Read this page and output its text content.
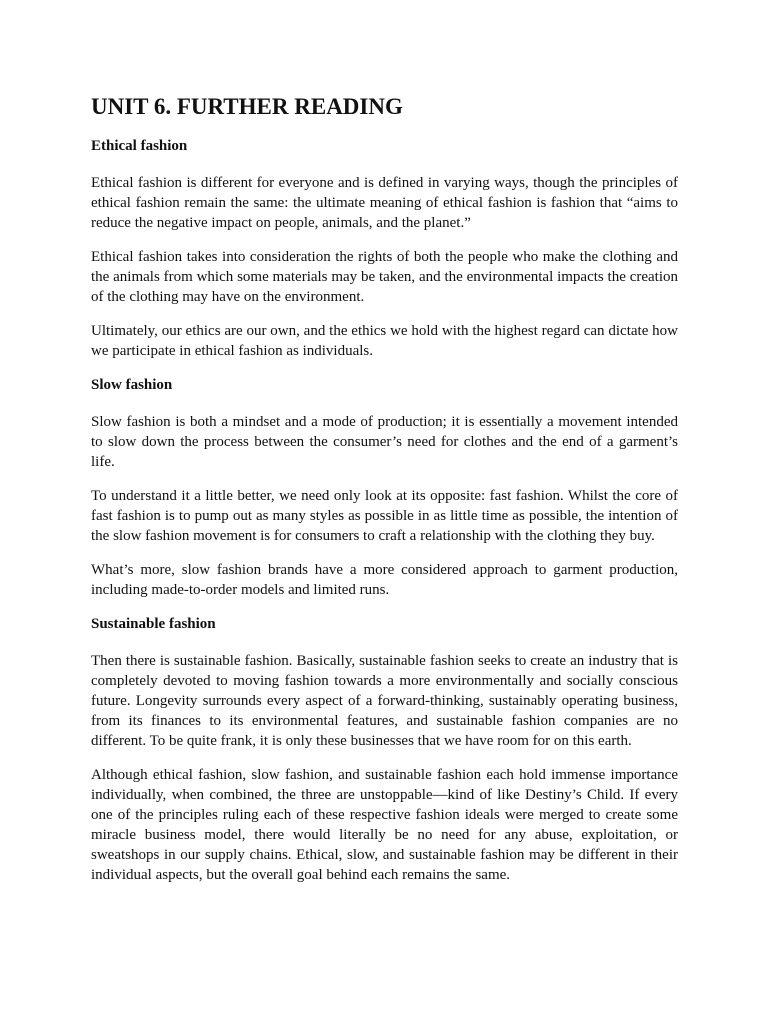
UNIT 6. FURTHER READING
Ethical fashion

Ethical fashion is different for everyone and is defined in varying ways, though the principles of ethical fashion remain the same: the ultimate meaning of ethical fashion is fashion that “aims to reduce the negative impact on people, animals, and the planet.”

Ethical fashion takes into consideration the rights of both the people who make the clothing and the animals from which some materials may be taken, and the environmental impacts the creation of the clothing may have on the environment.

Ultimately, our ethics are our own, and the ethics we hold with the highest regard can dictate how we participate in ethical fashion as individuals.

Slow fashion

Slow fashion is both a mindset and a mode of production; it is essentially a movement intended to slow down the process between the consumer’s need for clothes and the end of a garment’s life.

To understand it a little better, we need only look at its opposite: fast fashion. Whilst the core of fast fashion is to pump out as many styles as possible in as little time as possible, the intention of the slow fashion movement is for consumers to craft a relationship with the clothing they buy.

What’s more, slow fashion brands have a more considered approach to garment production, including made-to-order models and limited runs.

Sustainable fashion

Then there is sustainable fashion. Basically, sustainable fashion seeks to create an industry that is completely devoted to moving fashion towards a more environmentally and socially conscious future. Longevity surrounds every aspect of a forward-thinking, sustainably operating business, from its finances to its environmental features, and sustainable fashion companies are no different. To be quite frank, it is only these businesses that we have room for on this earth.

Although ethical fashion, slow fashion, and sustainable fashion each hold immense importance individually, when combined, the three are unstoppable—kind of like Destiny’s Child. If every one of the principles ruling each of these respective fashion ideals were merged to create some miracle business model, there would literally be no need for any abuse, exploitation, or sweatshops in our supply chains. Ethical, slow, and sustainable fashion may be different in their individual aspects, but the overall goal behind each remains the same.
